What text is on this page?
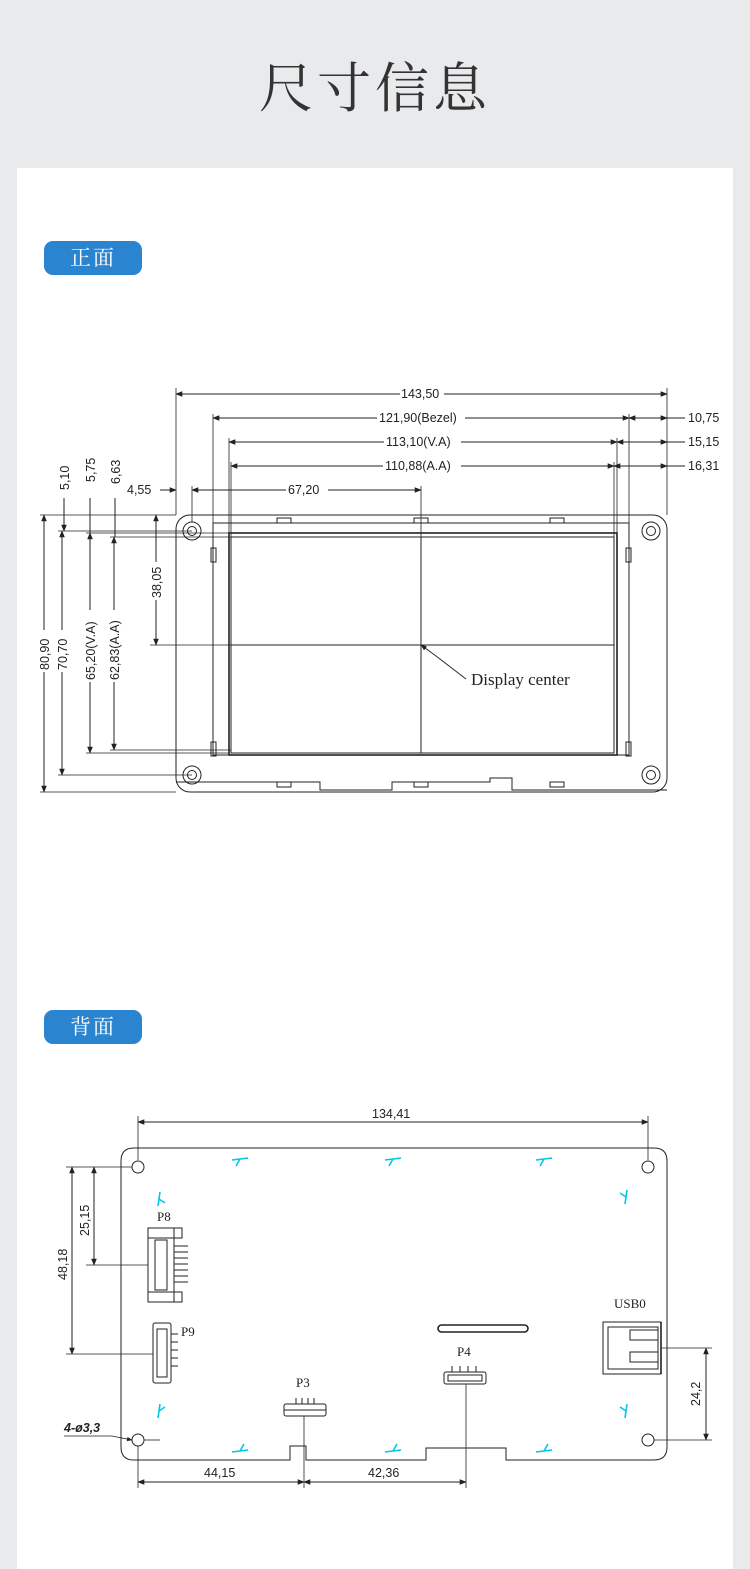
尺寸信息
正面
背面
143,50
121,90(Bezel)
113,10(V.A)
110,88(A.A)
10,75
15,15
16,31
4,55	67,20
5,10 5,75 6,63
38,05
80,90 70,70 65,20(V.A) 62,83(A.A)	Display center
134,41
25,15
48,18
44,15	42,36
24,2
4-ø3,3
P8
P9
P3
P4
USB0
